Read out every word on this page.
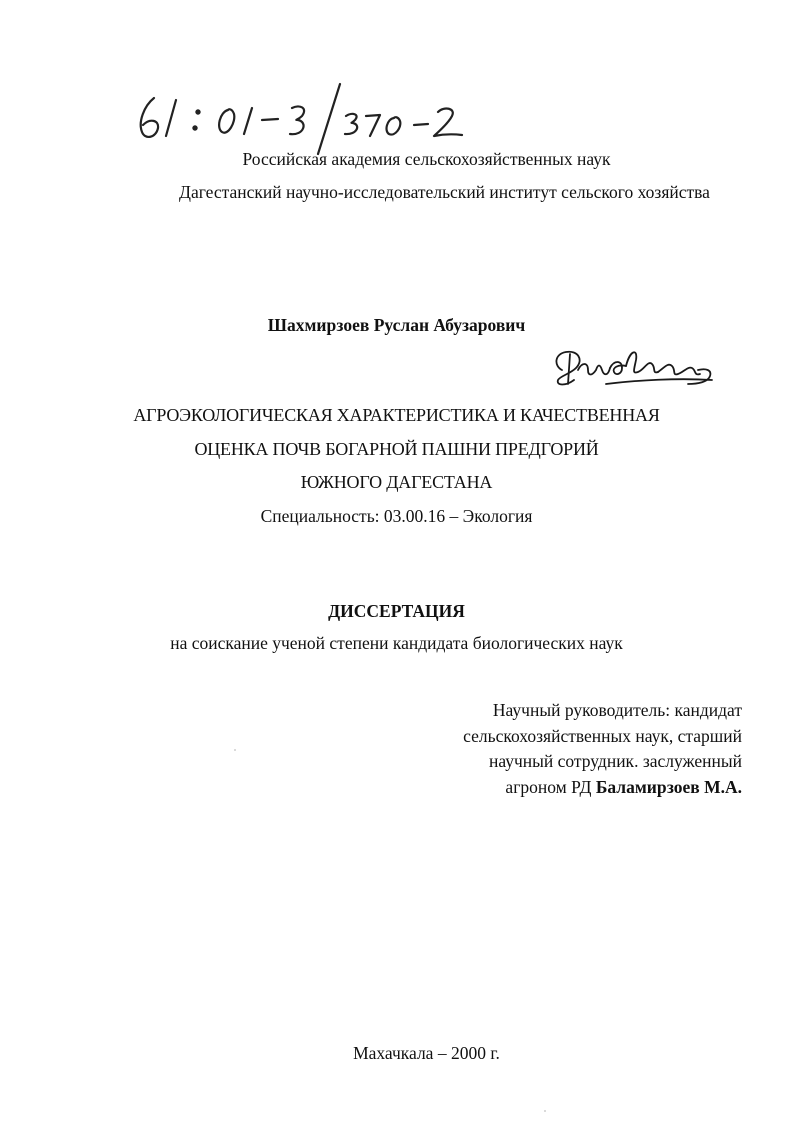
Российская академия сельскохозяйственных наук
Дагестанский научно-исследовательский институт сельского хозяйства
Шахмирзоев Руслан Абузарович
АГРОЭКОЛОГИЧЕСКАЯ ХАРАКТЕРИСТИКА И КАЧЕСТВЕННАЯ
ОЦЕНКА ПОЧВ БОГАРНОЙ ПАШНИ ПРЕДГОРИЙ
ЮЖНОГО ДАГЕСТАНА
Специальность: 03.00.16 – Экология
ДИССЕРТАЦИЯ
на соискание ученой степени кандидата биологических наук
Научный руководитель: кандидат
сельскохозяйственных наук, старший
научный сотрудник. заслуженный
агроном РД Баламирзоев М.А.
Махачкала – 2000 г.
